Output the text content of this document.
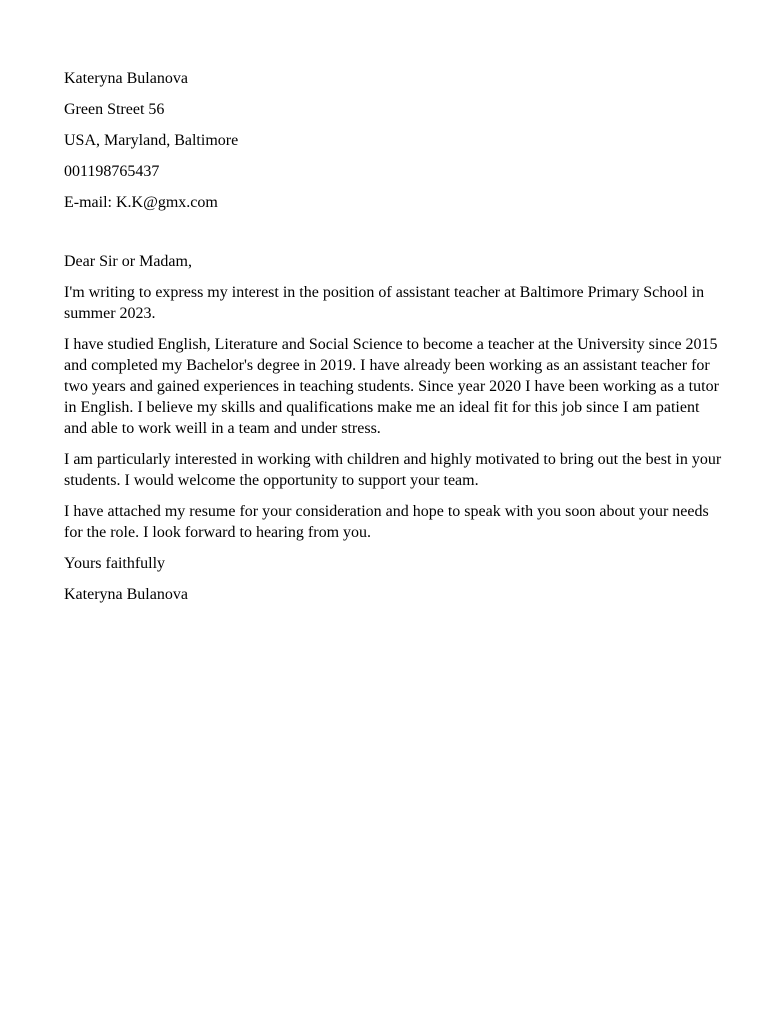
Kateryna Bulanova
Green Street 56
USA, Maryland, Baltimore
001198765437
E-mail: K.K@gmx.com
Dear Sir or Madam,

I'm writing to express my interest in the position of assistant teacher at Baltimore Primary School in summer 2023.

I have studied English, Literature and Social Science to become a teacher at the University since 2015 and completed my Bachelor's degree in 2019. I have already been working as an assistant teacher for two years and gained experiences in teaching students. Since year 2020 I have been working as a tutor in English. I believe my skills and qualifications make me an ideal fit for this job since I am patient and able to work weill in a team and under stress.

I am particularly interested in working with children and highly motivated to bring out the best in your students. I would welcome the opportunity to support your team.

I have attached my resume for your consideration and hope to speak with you soon about your needs for the role. I look forward to hearing from you.

Yours faithfully
Kateryna Bulanova
